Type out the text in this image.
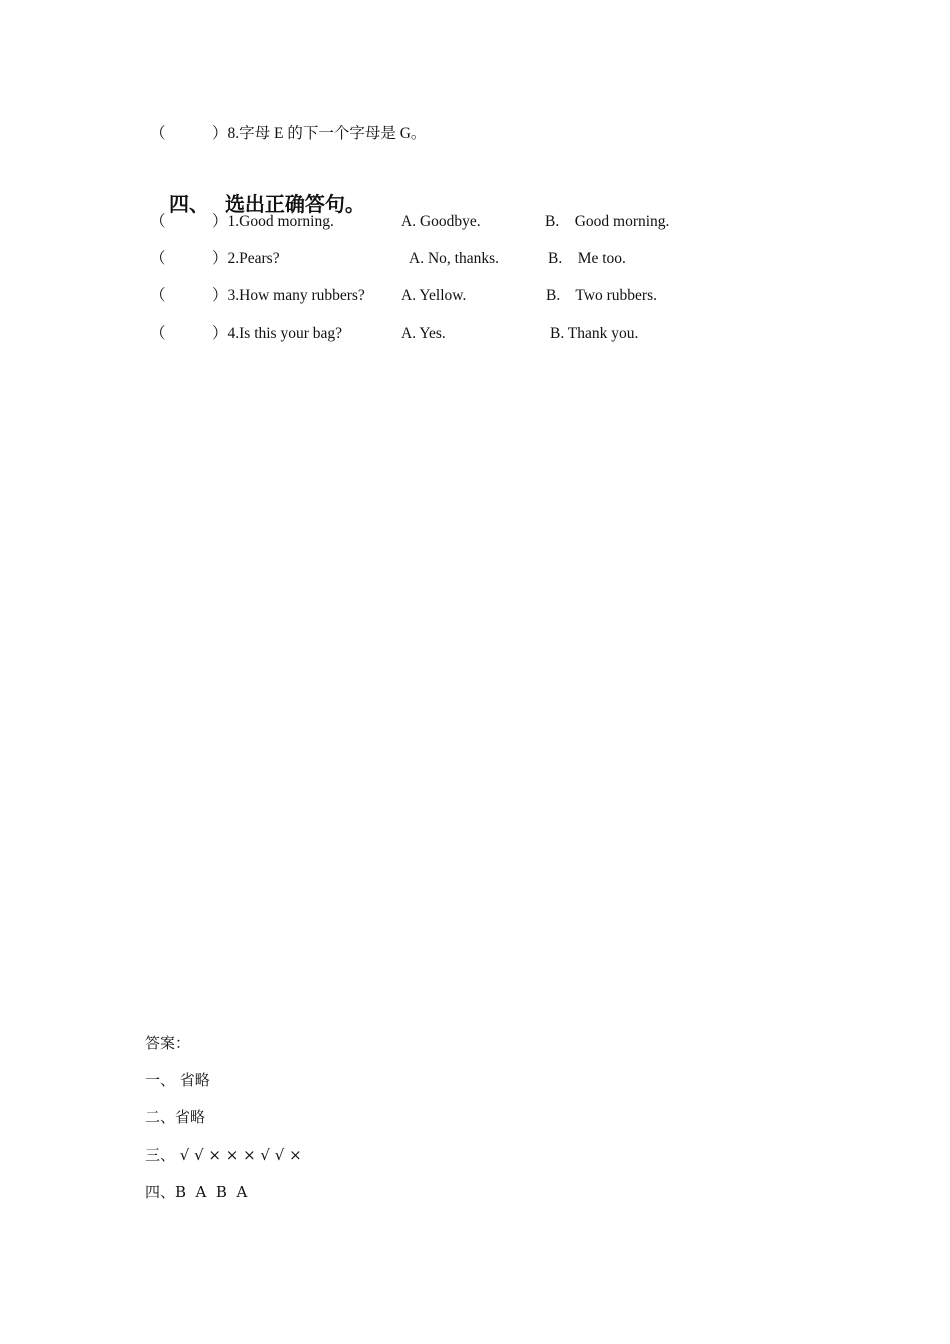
（	）8.字母 E 的下一个字母是 G。

四、 选出正确答句。

（	）1.Good morning.	A. Goodbye.	B.    Good morning.
（	）2.Pears?	A. No, thanks.	B.    Me too.
（	）3.How many rubbers? A. Yellow.	B.    Two rubbers.
（	）4.Is this your bag?	A. Yes.	B. Thank you.
答案：
一、 省略
二、省略
三、 √ √ × × × √ √ ×
四、B  A  B  A
